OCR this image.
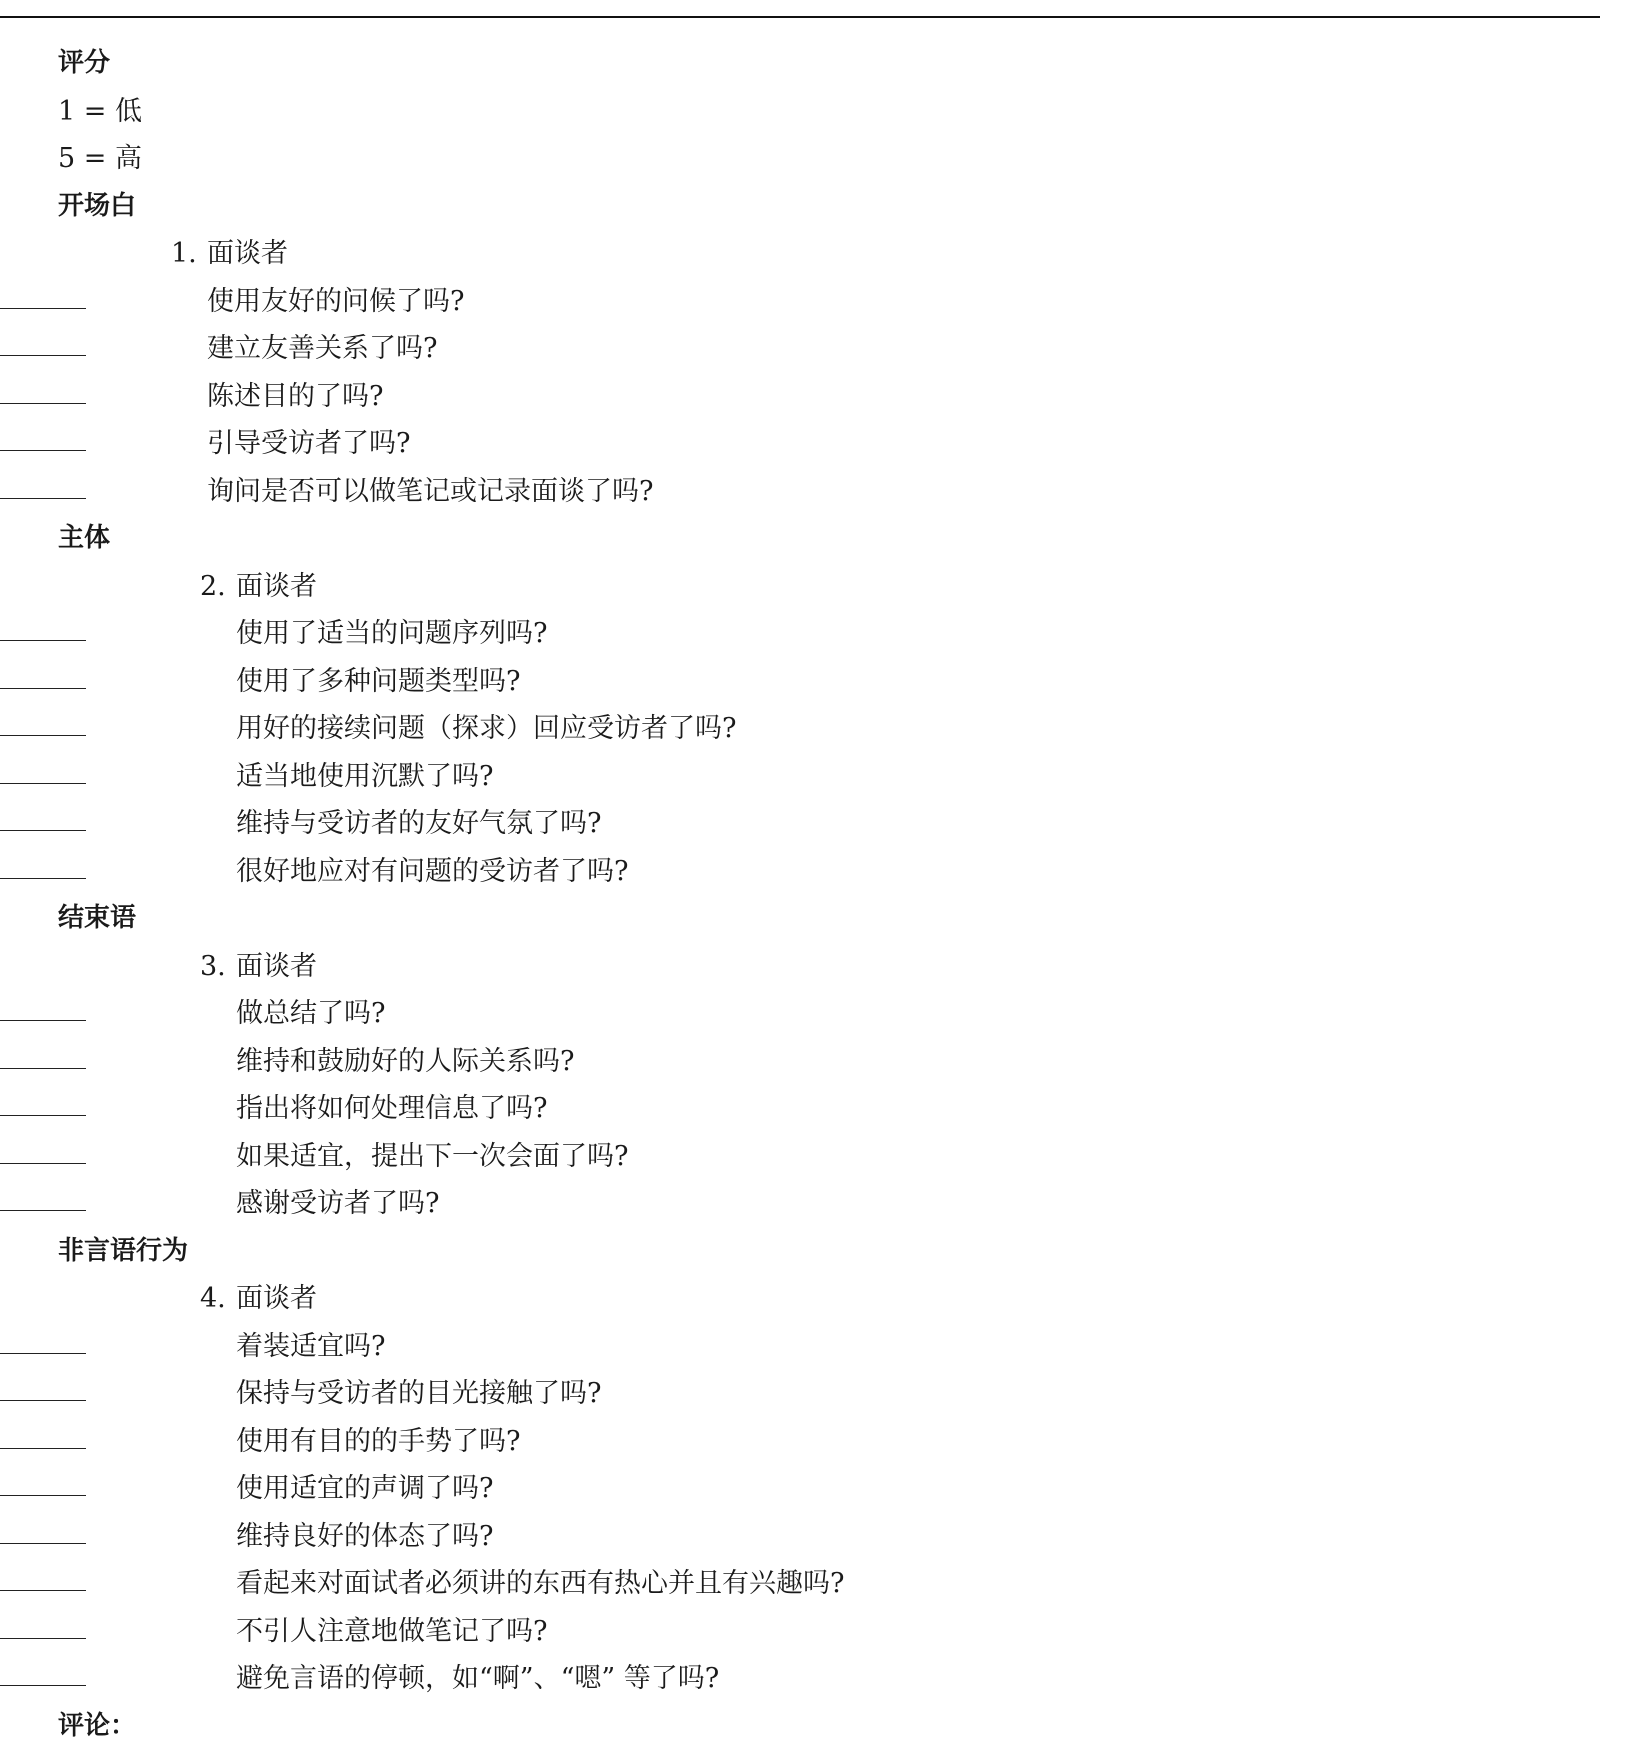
评分
1 = 低
5 = 高
开场白
1. 面谈者
使用友好的问候了吗?
建立友善关系了吗?
陈述目的了吗?
引导受访者了吗?
询问是否可以做笔记或记录面谈了吗?
主体
2. 面谈者
使用了适当的问题序列吗?
使用了多种问题类型吗?
用好的接续问题（探求）回应受访者了吗?
适当地使用沉默了吗?
维持与受访者的友好气氛了吗?
很好地应对有问题的受访者了吗?
结束语
3. 面谈者
做总结了吗?
维持和鼓励好的人际关系吗?
指出将如何处理信息了吗?
如果适宜，提出下一次会面了吗?
感谢受访者了吗?
非言语行为
4. 面谈者
着装适宜吗?
保持与受访者的目光接触了吗?
使用有目的的手势了吗?
使用适宜的声调了吗?
维持良好的体态了吗?
看起来对面试者必须讲的东西有热心并且有兴趣吗?
不引人注意地做笔记了吗?
避免言语的停顿，如“啊”、“嗯” 等了吗?
评论：
